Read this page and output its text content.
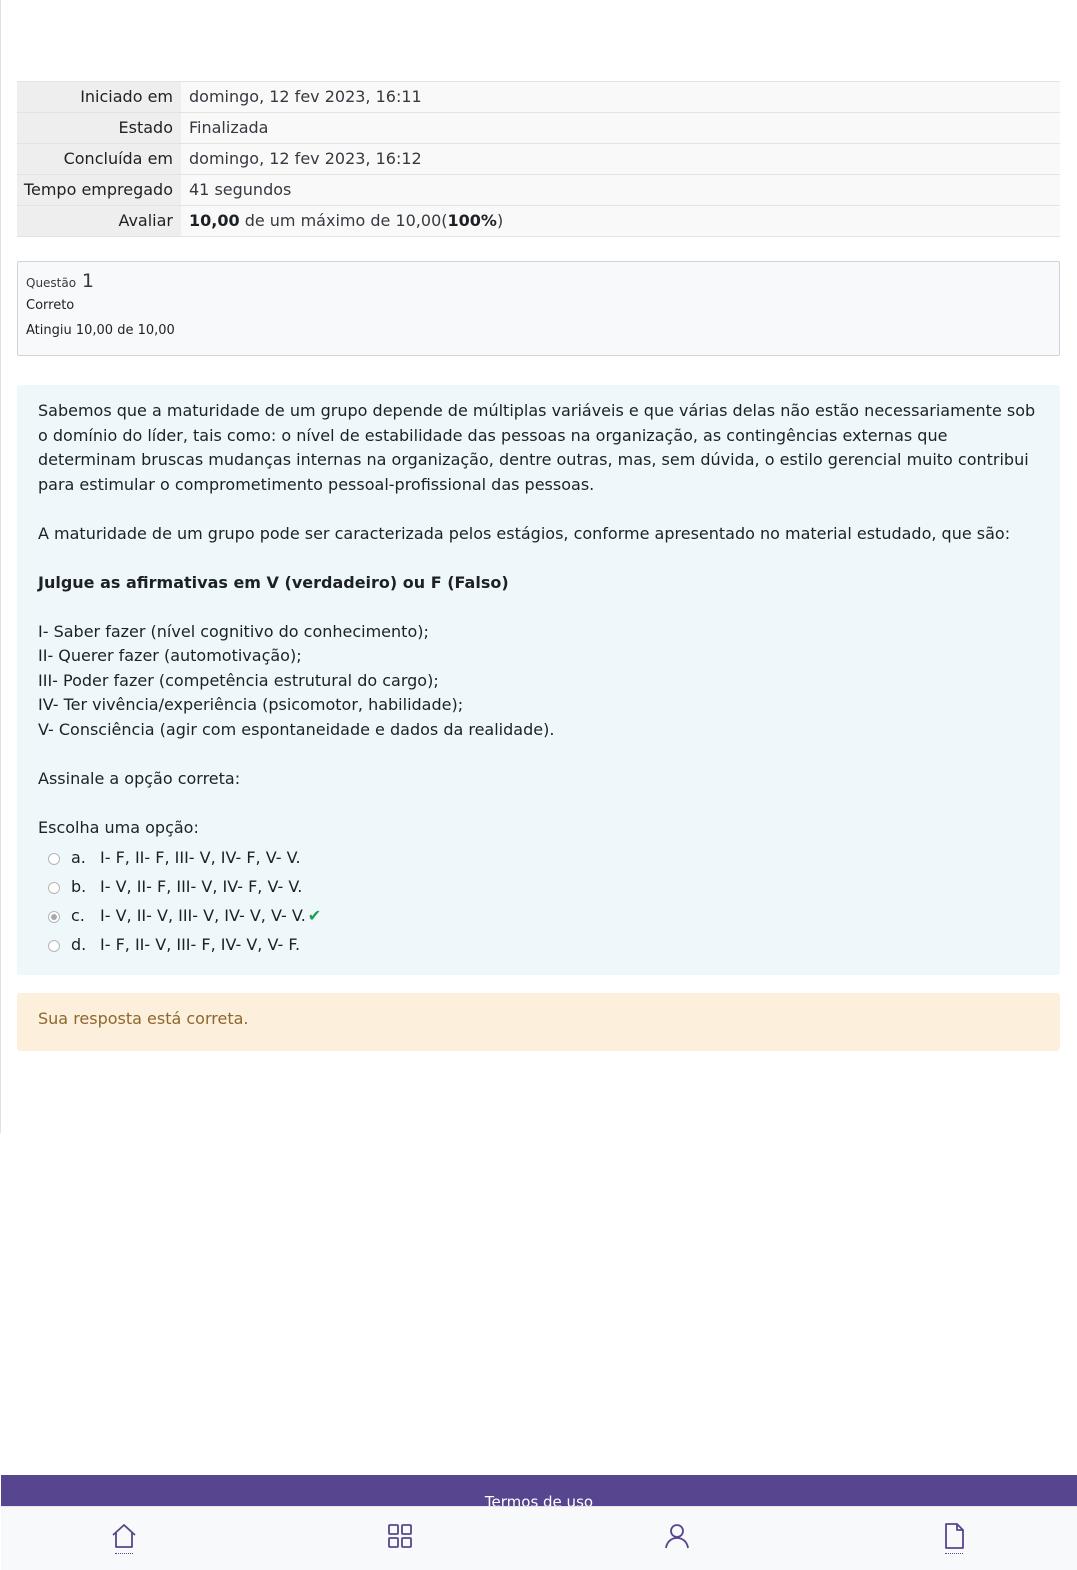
Iniciado em	domingo, 12 fev 2023, 16:11
Estado	Finalizada
Concluída em	domingo, 12 fev 2023, 16:12
Tempo empregado	41 segundos
Avaliar	10,00 de um máximo de 10,00(100%)
Questão 1
Correto
Atingiu 10,00 de 10,00

Sabemos que a maturidade de um grupo depende de múltiplas variáveis e que várias delas não estão necessariamente sob o domínio do líder, tais como: o nível de estabilidade das pessoas na organização, as contingências externas que determinam bruscas mudanças internas na organização, dentre outras, mas, sem dúvida, o estilo gerencial muito contribui para estimular o comprometimento pessoal-profissional das pessoas.

A maturidade de um grupo pode ser caracterizada pelos estágios, conforme apresentado no material estudado, que são:

Julgue as afirmativas em V (verdadeiro) ou F (Falso)

I- Saber fazer (nível cognitivo do conhecimento);

II- Querer fazer (automotivação);

III- Poder fazer (competência estrutural do cargo);

IV- Ter vivência/experiência (psicomotor, habilidade);

V- Consciência (agir com espontaneidade e dados da realidade).

Assinale a opção correta:

Escolha uma opção:

a. I- F, II- F, III- V, IV- F, V- V.
b. I- V, II- F, III- V, IV- F, V- V.
c. I- V, II- V, III- V, IV- V, V- V. ✔
d. I- F, II- V, III- F, IV- V, V- F.
Sua resposta está correta.
Termos de uso
